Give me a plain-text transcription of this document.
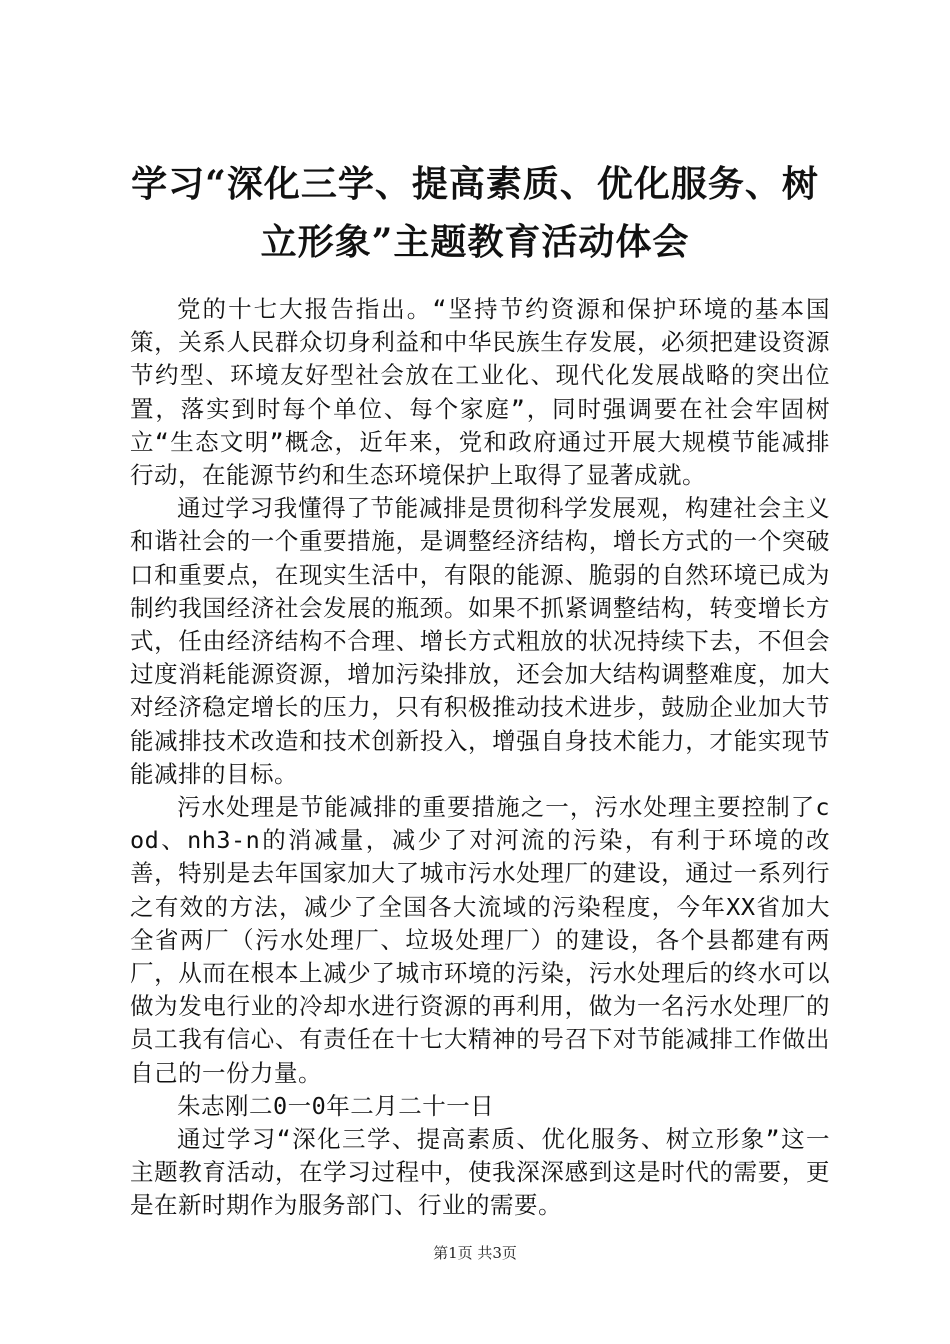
学习“深化三学、提高素质、优化服务、树立形象”主题教育活动体会

党的十七大报告指出。“坚持节约资源和保护环境的基本国策，关系人民群众切身利益和中华民族生存发展，必须把建设资源节约型、环境友好型社会放在工业化、现代化发展战略的突出位置，落实到时每个单位、每个家庭”，同时强调要在社会牢固树立“生态文明”概念，近年来，党和政府通过开展大规模节能减排行动，在能源节约和生态环境保护上取得了显著成就。

通过学习我懂得了节能减排是贯彻科学发展观，构建社会主义和谐社会的一个重要措施，是调整经济结构，增长方式的一个突破口和重要点，在现实生活中，有限的能源、脆弱的自然环境已成为制约我国经济社会发展的瓶颈。如果不抓紧调整结构，转变增长方式，任由经济结构不合理、增长方式粗放的状况持续下去，不但会过度消耗能源资源，增加污染排放，还会加大结构调整难度，加大对经济稳定增长的压力，只有积极推动技术进步，鼓励企业加大节能减排技术改造和技术创新投入，增强自身技术能力，才能实现节能减排的目标。

污水处理是节能减排的重要措施之一，污水处理主要控制了cod、nh3-n的消减量，减少了对河流的污染，有利于环境的改善，特别是去年国家加大了城市污水处理厂的建设，通过一系列行之有效的方法，减少了全国各大流域的污染程度，今年XX省加大全省两厂（污水处理厂、垃圾处理厂）的建设，各个县都建有两厂，从而在根本上减少了城市环境的污染，污水处理后的终水可以做为发电行业的冷却水进行资源的再利用，做为一名污水处理厂的员工我有信心、有责任在十七大精神的号召下对节能减排工作做出自己的一份力量。

朱志刚二0一0年二月二十一日

通过学习“深化三学、提高素质、优化服务、树立形象”这一主题教育活动，在学习过程中，使我深深感到这是时代的需要，更是在新时期作为服务部门、行业的需要。

第1页 共3页
